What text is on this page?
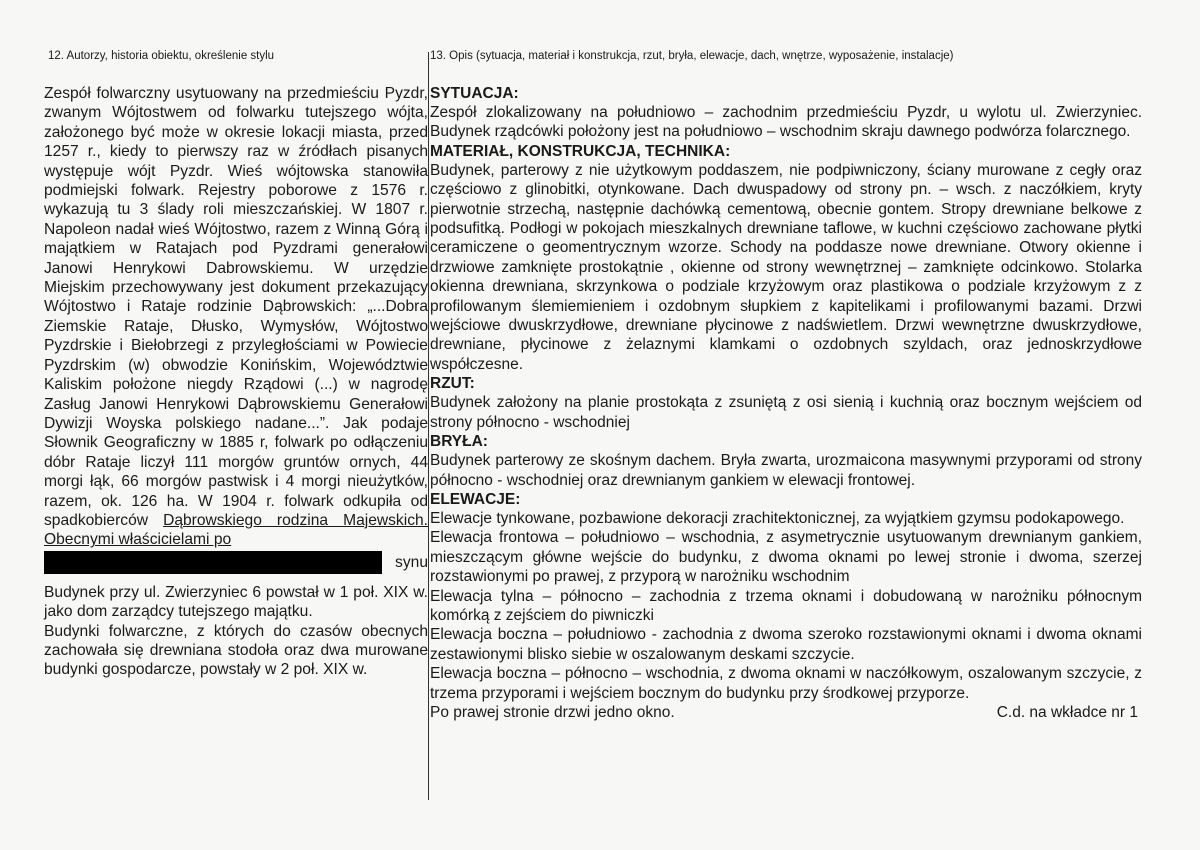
12. Autorzy, historia obiektu, określenie stylu

Zespół folwarczny usytuowany na przedmieściu Pyzdr, zwanym Wójtostwem od folwarku tutejszego wójta, założonego być może w okresie lokacji miasta, przed 1257 r., kiedy to pierwszy raz w źródłach pisanych występuje wójt Pyzdr. Wieś wójtowska stanowiła podmiejski folwark. Rejestry poborowe z 1576 r. wykazują tu 3 ślady roli mieszczańskiej. W 1807 r. Napoleon nadał wieś Wójtostwo, razem z Winną Górą i majątkiem w Ratajach pod Pyzdrami generałowi Janowi Henrykowi Dabrowskiemu. W urzędzie Miejskim przechowywany jest dokument przekazujący Wójtostwo i Rataje rodzinie Dąbrowskich: „...Dobra Ziemskie Rataje, Dłusko, Wymysłów, Wójtostwo Pyzdrskie i Biełobrzegi z przyległościami w Powiecie Pyzdrskim (w) obwodzie Konińskim, Województwie Kaliskim położone niegdy Rządowi (...) w nagrodę Zasług Janowi Henrykowi Dąbrowskiemu Generałowi Dywizji Woyska polskiego nadane...”. Jak podaje Słownik Geograficzny w 1885 r, folwark po odłączeniu dóbr Rataje liczył 111 morgów gruntów ornych, 44 morgi łąk, 66 morgów pastwisk i 4 morgi nieużytków, razem, ok. 126 ha. W 1904 r. folwark odkupiła od spadkobierców Dąbrowskiego rodzina Majewskich. Obecnymi właścicielami po

synu

Budynek przy ul. Zwierzyniec 6 powstał w 1 poł. XIX w. jako dom zarządcy tutejszego majątku.

Budynki folwarczne, z których do czasów obecnych zachowała się drewniana stodoła oraz dwa murowane budynki gospodarcze, powstały w 2 poł. XIX w.

13. Opis (sytuacja, materiał i konstrukcja, rzut, bryła, elewacje, dach, wnętrze, wyposażenie, instalacje)
SYTUACJA:

Zespół zlokalizowany na południowo – zachodnim przedmieściu Pyzdr, u wylotu ul. Zwierzyniec. Budynek rządcówki położony jest na południowo – wschodnim skraju dawnego podwórza folarcznego.

MATERIAŁ, KONSTRUKCJA, TECHNIKA:

Budynek, parterowy z nie użytkowym poddaszem, nie podpiwniczony, ściany murowane z cegły oraz częściowo z glinobitki, otynkowane. Dach dwuspadowy od strony pn. – wsch. z naczółkiem, kryty pierwotnie strzechą, następnie dachówką cementową, obecnie gontem. Stropy drewniane belkowe z podsufitką. Podłogi w pokojach mieszkalnych drewniane taflowe, w kuchni częściowo zachowane płytki ceramiczene o geomentrycznym wzorze. Schody na poddasze nowe drewniane. Otwory okienne i drzwiowe zamknięte prostokątnie , okienne od strony wewnętrznej – zamknięte odcinkowo. Stolarka okienna drewniana, skrzynkowa o podziale krzyżowym oraz plastikowa o podziale krzyżowym z z profilowanym ślemiemieniem i ozdobnym słupkiem z kapitelikami i profilowanymi bazami. Drzwi wejściowe dwuskrzydłowe, drewniane płycinowe z nadświetlem. Drzwi wewnętrzne dwuskrzydłowe, drewniane, płycinowe z żelaznymi klamkami o ozdobnych szyldach, oraz jednoskrzydłowe współczesne.

RZUT:

Budynek założony na planie prostokąta z zsuniętą z osi sienią i kuchnią oraz bocznym wejściem od strony północno - wschodniej

BRYŁA:

Budynek parterowy ze skośnym dachem. Bryła zwarta, urozmaicona masywnymi przyporami od strony północno - wschodniej oraz drewnianym gankiem w elewacji frontowej.

ELEWACJE:

Elewacje tynkowane, pozbawione dekoracji zrachitektonicznej, za wyjątkiem gzymsu podokapowego.

Elewacja frontowa – południowo – wschodnia, z asymetrycznie usytuowanym drewnianym gankiem, mieszczącym główne wejście do budynku, z dwoma oknami po lewej stronie i dwoma, szerzej rozstawionymi po prawej, z przyporą w narożniku wschodnim

Elewacja tylna – północno – zachodnia z trzema oknami i dobudowaną w narożniku północnym komórką z zejściem do piwniczki

Elewacja boczna – południowo - zachodnia z dwoma szeroko rozstawionymi oknami i dwoma oknami zestawionymi blisko siebie w oszalowanym deskami szczycie.

Elewacja boczna – północno – wschodnia, z dwoma oknami w naczółkowym, oszalowanym szczycie, z trzema przyporami i wejściem bocznym do budynku przy środkowej przyporze.

Po prawej stronie drzwi jedno okno.	C.d. na wkładce nr 1
